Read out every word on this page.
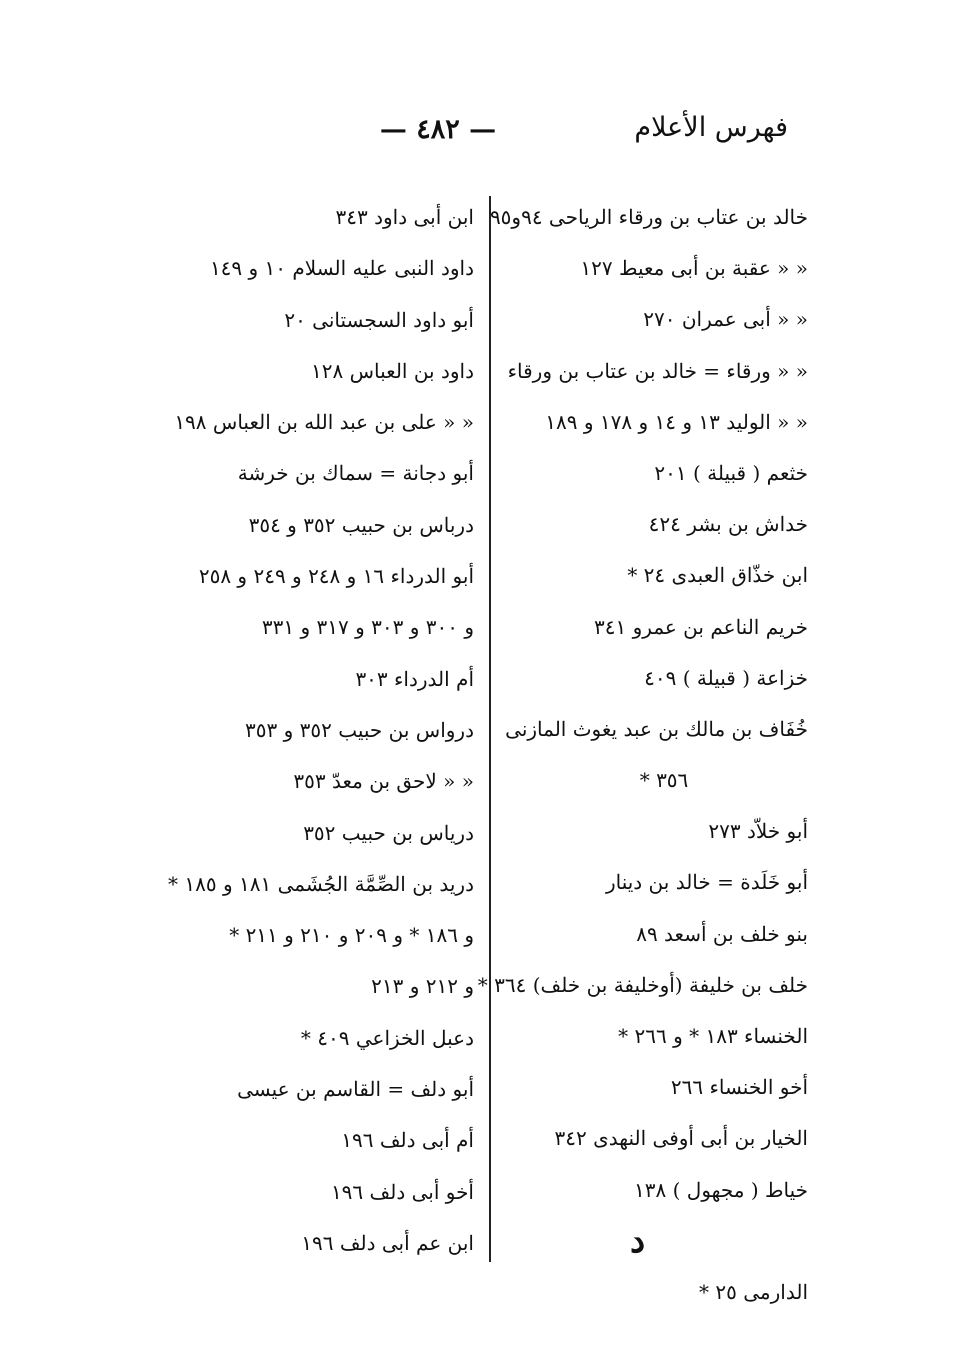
فهرس الأعلام
— ٤٨٢ —
خالد بن عتاب بن ورقاء الرياحى ٩٤و٩٥
« « عقبة بن أبى معيط ١٢٧
« « أبى عمران ٢٧٠
« « ورقاء = خالد بن عتاب بن ورقاء
« « الوليد ١٣ و ١٤ و ١٧٨ و ١٨٩
خثعم ( قبيلة ) ٢٠١
خداش بن بشر ٤٢٤
ابن خذّاق العبدى ٢٤ *
خريم الناعم بن عمرو ٣٤١
خزاعة ( قبيلة ) ٤٠٩
خُفَاف بن مالك بن عبد يغوث المازنى
٣٥٦ *
أبو خلاّد ٢٧٣
أبو خَلَدة = خالد بن دينار
بنو خلف بن أسعد ٨٩
خلف بن خليفة (أوخليفة بن خلف) ٣٦٤ *
الخنساء ١٨٣ * و ٢٦٦ *
أخو الخنساء ٢٦٦
الخيار بن أبى أوفى النهدى ٣٤٢
خياط ( مجهول ) ١٣٨
د
الدارمى ٢٥ *
ابن أبى داود ٣٤٣
داود النبى عليه السلام ١٠ و ١٤٩
أبو داود السجستانى ٢٠
داود بن العباس ١٢٨
« « على بن عبد الله بن العباس ١٩٨
أبو دجانة = سماك بن خرشة
درباس بن حبيب ٣٥٢ و ٣٥٤
أبو الدرداء ١٦ و ٢٤٨ و ٢٤٩ و ٢٥٨
و ٣٠٠ و ٣٠٣ و ٣١٧ و ٣٣١
أم الدرداء ٣٠٣
درواس بن حبيب ٣٥٢ و ٣٥٣
« « لاحق بن معدّ ٣٥٣
درياس بن حبيب ٣٥٢
دريد بن الصِّمَّة الجُشَمى ١٨١ و ١٨٥ *
و ١٨٦ * و ٢٠٩ و ٢١٠ و ٢١١ *
و ٢١٢ و ٢١٣
دعبل الخزاعي ٤٠٩ *
أبو دلف = القاسم بن عيسى
أم أبى دلف ١٩٦
أخو أبى دلف ١٩٦
ابن عم أبى دلف ١٩٦
